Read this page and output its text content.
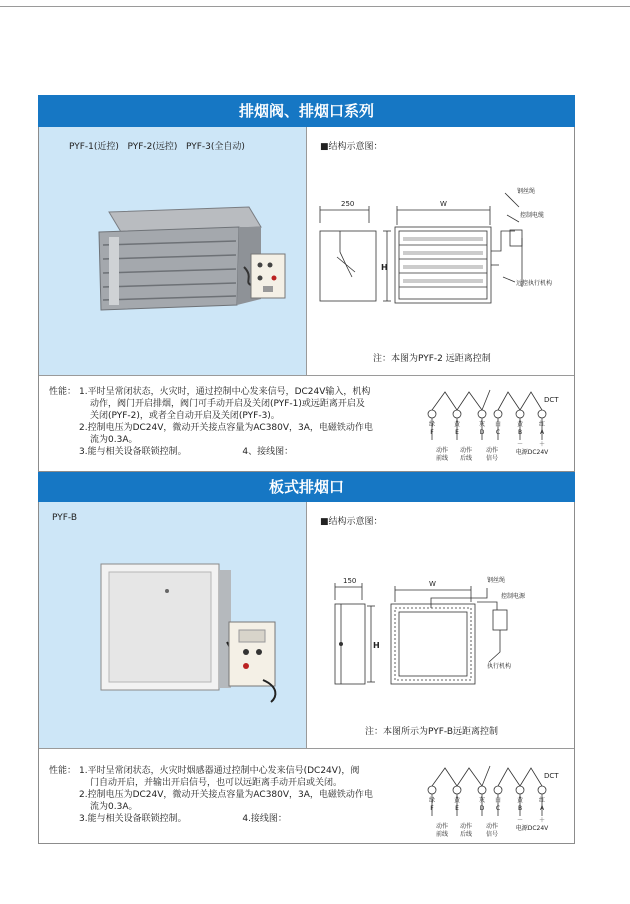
排烟阀、排烟口系列
PYF-1(近控)   PYF-2(远控)   PYF-3(全自动)	■结构示意图：
250	W
H
钢丝绳
控制电缆
远控执行机构
注：本图为PYF-2 远距离控制
性能： 1.平时呈常闭状态，火灾时，通过控制中心发来信号，DC24V输入，机构
动作，阀门开启排烟，阀门可手动开启及关闭(PYF-1)或远距离开启及
关闭(PYF-2)，或者全自动开启及关闭(PYF-3)。
2.控制电压为DC24V，微动开关接点容量为AC380V，3A，电磁铁动作电
流为0.3A。
3.能与相关设备联锁控制。	4、接线图：
DCT
绿	黄	灰 白	黄	红
F	E	D C	B	A
－	＋
电源DC24V
动作前线
动作后线
动作信号
板式排烟口
PYF-B	■结构示意图：
150	W
H
钢丝绳
控制电源
执行机构
注：本图所示为PYF-B远距离控制
性能： 1.平时呈常闭状态，火灾时烟感器通过控制中心发来信号(DC24V)，阀
门自动开启，并输出开启信号，也可以远距离手动开启或关闭。
2.控制电压为DC24V，微动开关接点容量为AC380V，3A，电磁铁动作电
流为0.3A。
3.能与相关设备联锁控制。	4.接线图：
DCT
绿	黄	灰 白	黄	红
F	E	D C	B	A
－	＋
电源DC24V
动作前线
动作后线
动作信号
